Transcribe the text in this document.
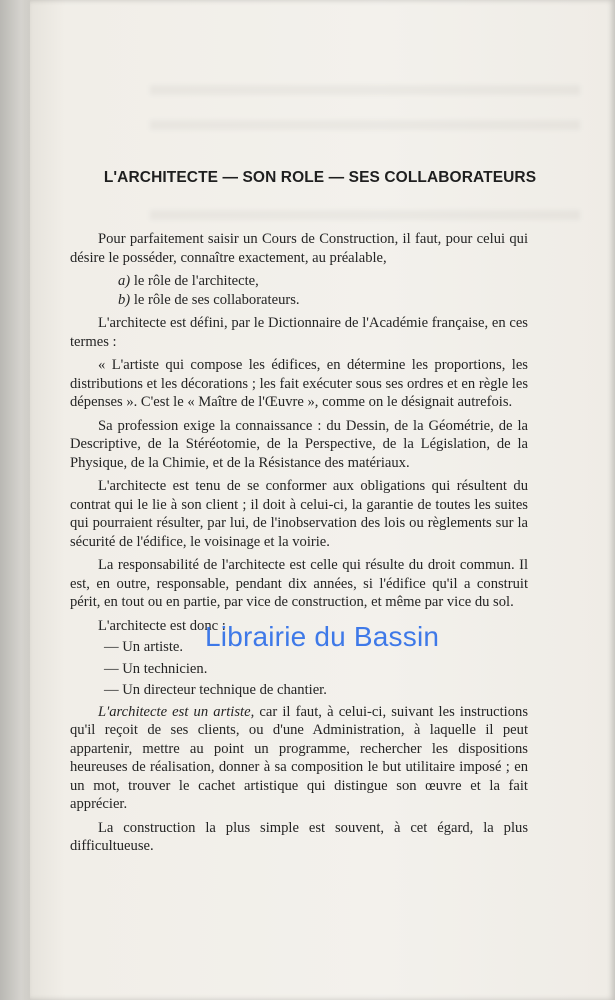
L'ARCHITECTE — SON ROLE — SES COLLABORATEURS

Pour parfaitement saisir un Cours de Construction, il faut, pour celui qui désire le posséder, connaître exactement, au préalable,

a) le rôle de l'architecte,

b) le rôle de ses collaborateurs.

L'architecte est défini, par le Dictionnaire de l'Académie française, en ces termes :

« L'artiste qui compose les édifices, en détermine les proportions, les distributions et les décorations ; les fait exécuter sous ses ordres et en règle les dépenses ». C'est le « Maître de l'Œuvre », comme on le désignait autrefois.

Sa profession exige la connaissance : du Dessin, de la Géométrie, de la Descriptive, de la Stéréotomie, de la Perspective, de la Législation, de la Physique, de la Chimie, et de la Résistance des matériaux.

L'architecte est tenu de se conformer aux obligations qui résultent du contrat qui le lie à son client ; il doit à celui-ci, la garantie de toutes les suites qui pourraient résulter, par lui, de l'inobservation des lois ou règlements sur la sécurité de l'édifice, le voisinage et la voirie.

La responsabilité de l'architecte est celle qui résulte du droit commun. Il est, en outre, responsable, pendant dix années, si l'édifice qu'il a construit périt, en tout ou en partie, par vice de construction, et même par vice du sol.

L'architecte est donc :

— Un artiste.

— Un technicien.

— Un directeur technique de chantier.

L'architecte est un artiste, car il faut, à celui-ci, suivant les instructions qu'il reçoit de ses clients, ou d'une Administration, à laquelle il peut appartenir, mettre au point un programme, rechercher les dispositions heureuses de réalisation, donner à sa composition le but utilitaire imposé ; en un mot, trouver le cachet artistique qui distingue son œuvre et la fait apprécier.

La construction la plus simple est souvent, à cet égard, la plus difficultueuse.

Librairie du Bassin
